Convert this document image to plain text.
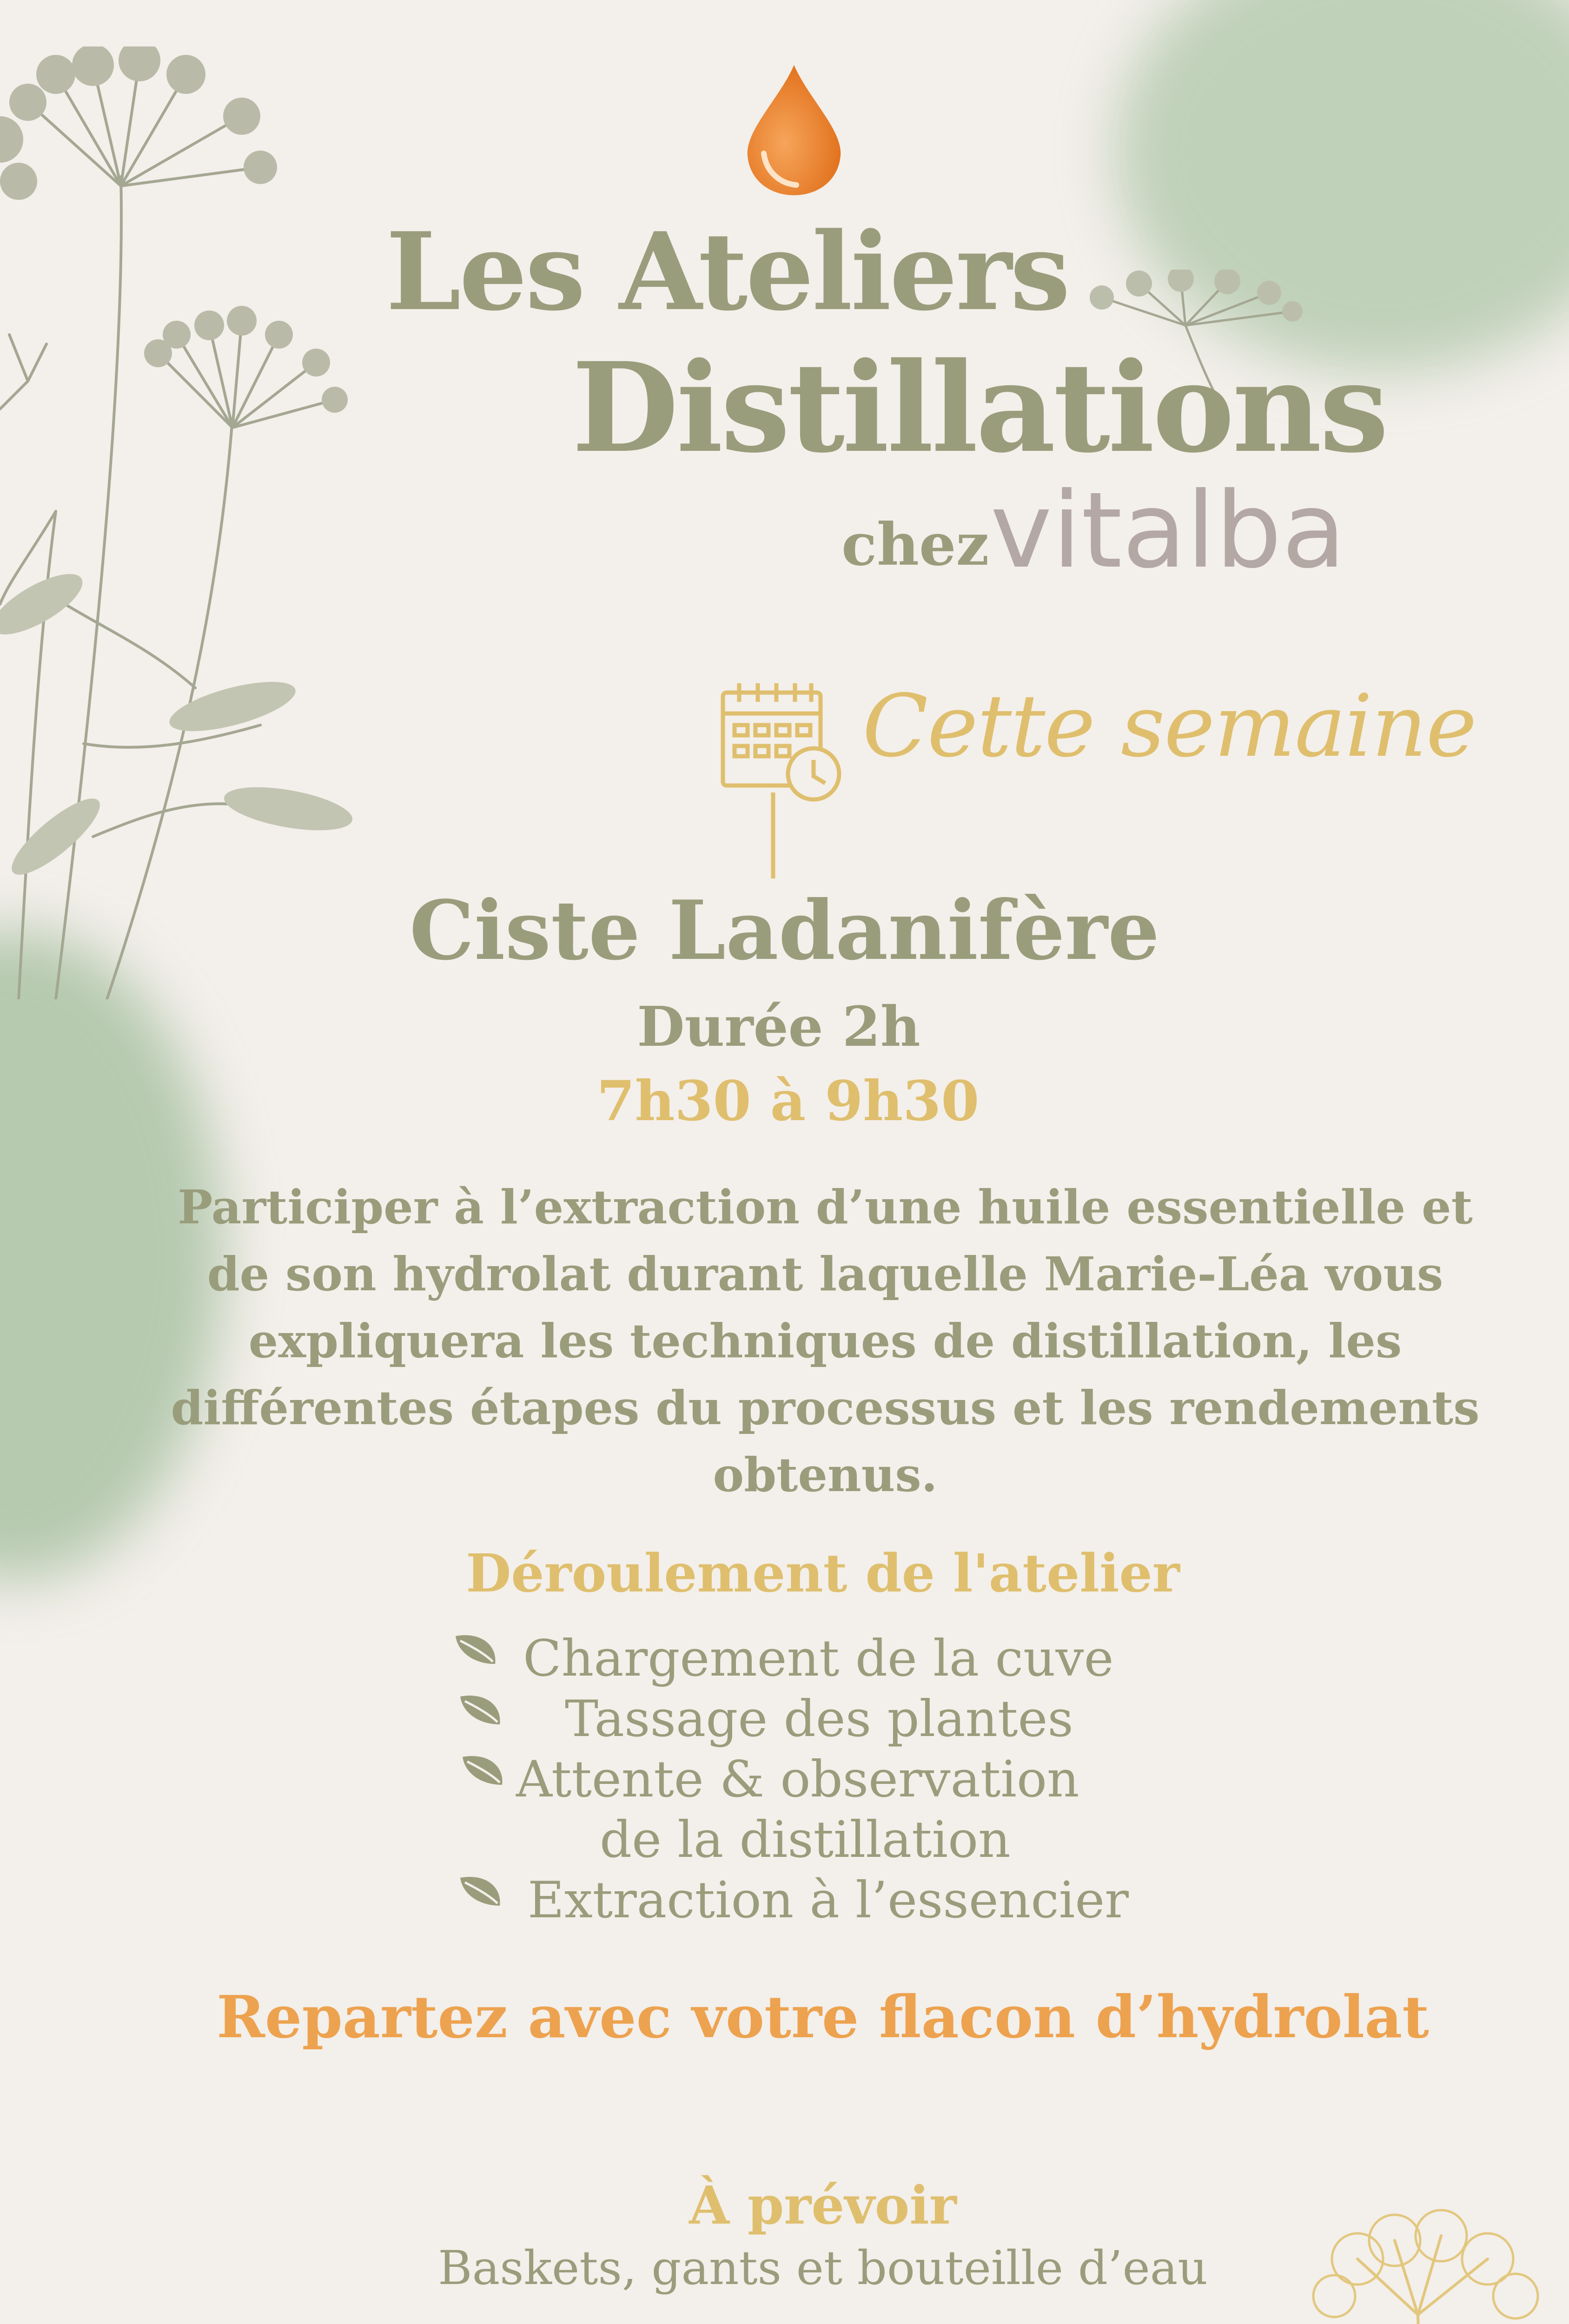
Les Ateliers
Distillations
chez vitalba
Cette semaine
Ciste Ladanifère
Durée 2h
7h30 à 9h30
Participer à l’extraction d’une huile essentielle et de son hydrolat durant laquelle Marie-Léa vous expliquera les techniques de distillation, les différentes étapes du processus et les rendements obtenus.
Déroulement de l'atelier
Chargement de la cuve
Tassage des plantes
Attente & observation
de la distillation
Extraction à l’essencier
Repartez avec votre flacon d’hydrolat
À prévoir
Baskets, gants et bouteille d’eau
